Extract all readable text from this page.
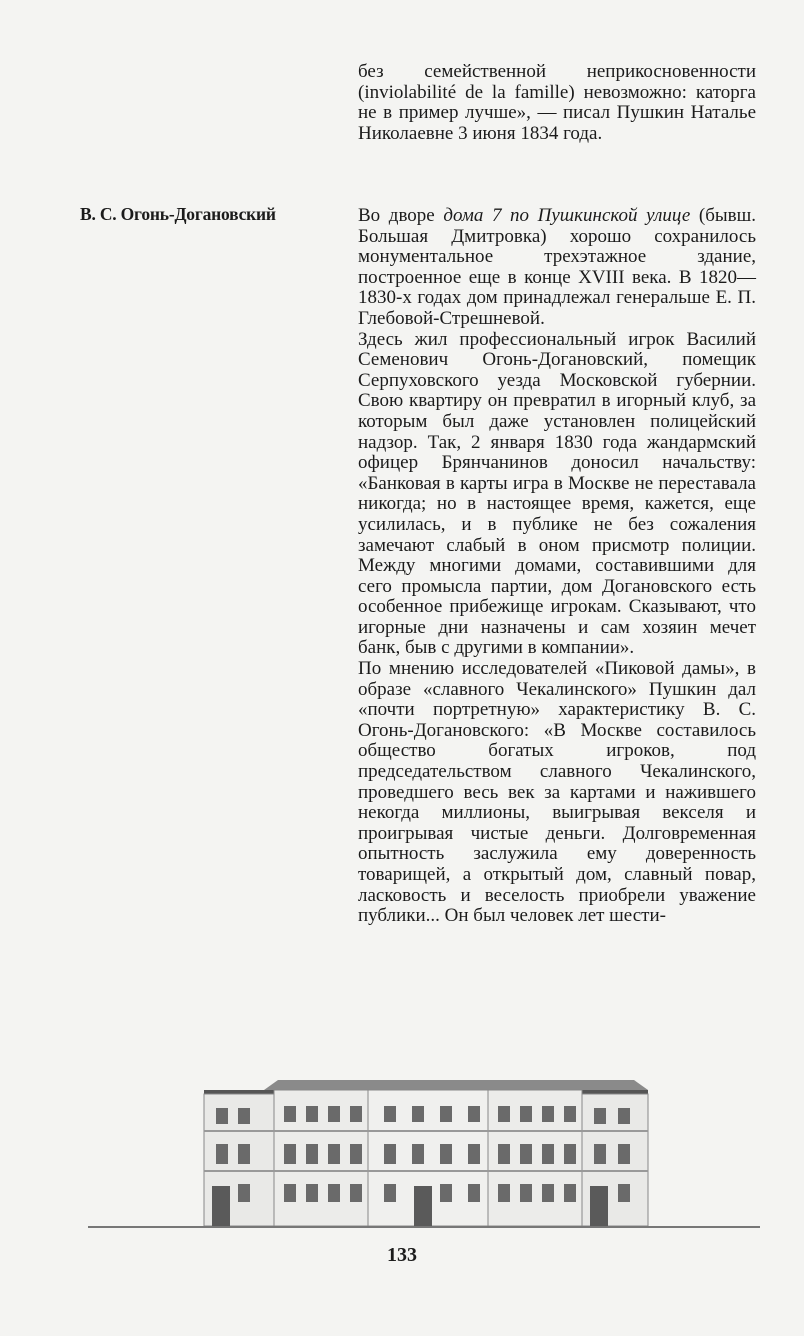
без семейственной неприкосновенности (inviolabilité de la famille) невозможно: каторга не в пример лучше», — писал Пушкин Наталье Николаевне 3 июня 1834 года.

В. С. Огонь-Догановский	Во дворе дома 7 по Пушкинской улице (бывш. Большая Дмитровка) хорошо сохранилось монументальное трехэтажное здание, построенное еще в конце XVIII века. В 1820—1830-х годах дом принадлежал генеральше Е. П. Глебовой-Стрешневой.

Здесь жил профессиональный игрок Василий Семенович Огонь-Догановский, помещик Серпуховского уезда Московской губернии. Свою квартиру он превратил в игорный клуб, за которым был даже установлен полицейский надзор. Так, 2 января 1830 года жандармский офицер Брянчанинов доносил начальству: «Банковая в карты игра в Москве не переставала никогда; но в настоящее время, кажется, еще усилилась, и в публике не без сожаления замечают слабый в оном присмотр полиции. Между многими домами, составившими для сего промысла партии, дом Догановского есть особенное прибежище игрокам. Сказывают, что игорные дни назначены и сам хозяин мечет банк, быв с другими в компании».

По мнению исследователей «Пиковой дамы», в образе «славного Чекалинского» Пушкин дал «почти портретную» характеристику В. С. Огонь-Догановского: «В Москве составилось общество богатых игроков, под председательством славного Чекалинского, проведшего весь век за картами и нажившего некогда миллионы, выигрывая векселя и проигрывая чистые деньги. Долговременная опытность заслужила ему доверенность товарищей, а открытый дом, славный повар, ласковость и веселость приобрели уважение публики... Он был человек лет шести-

133
